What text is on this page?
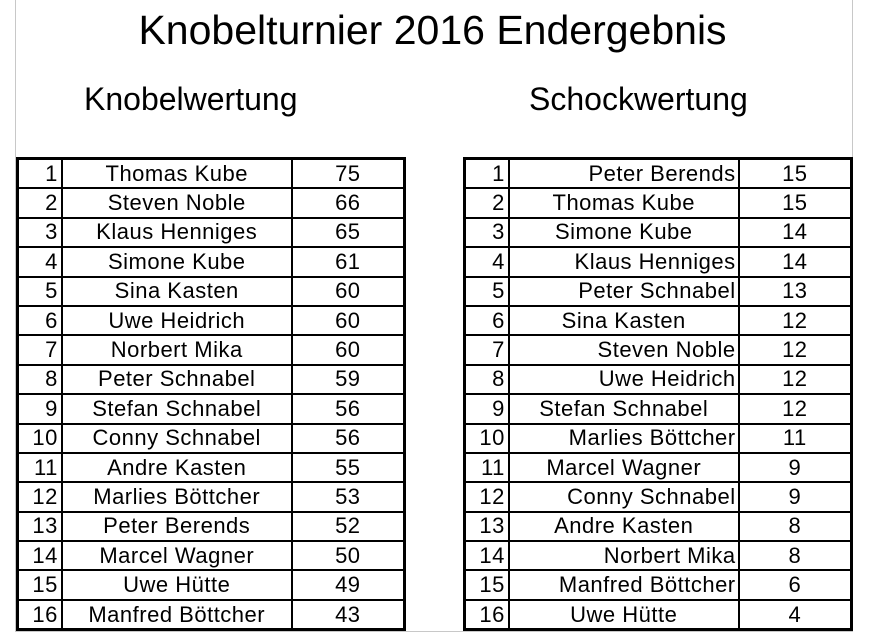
Knobelturnier 2016 Endergebnis
Knobelwertung	Schockwertung
1	Thomas Kube	75
2	Steven Noble	66
3	Klaus Henniges	65
4	Simone Kube	61
5	Sina Kasten	60
6	Uwe Heidrich	60
7	Norbert Mika	60
8	Peter Schnabel	59
9	Stefan Schnabel	56
10	Conny Schnabel	56
11	Andre Kasten	55
12	Marlies Böttcher	53
13	Peter Berends	52
14	Marcel Wagner	50
15	Uwe Hütte	49
16	Manfred Böttcher	43
1	Peter Berends	15
2	Thomas Kube	15
3	Simone Kube	14
4	Klaus Henniges	14
5	Peter Schnabel	13
6	Sina Kasten	12
7	Steven Noble	12
8	Uwe Heidrich	12
9	Stefan Schnabel	12
10	Marlies Böttcher	11
11	Marcel Wagner	9
12	Conny Schnabel	9
13	Andre Kasten	8
14	Norbert Mika	8
15	Manfred Böttcher	6
16	Uwe Hütte	4
